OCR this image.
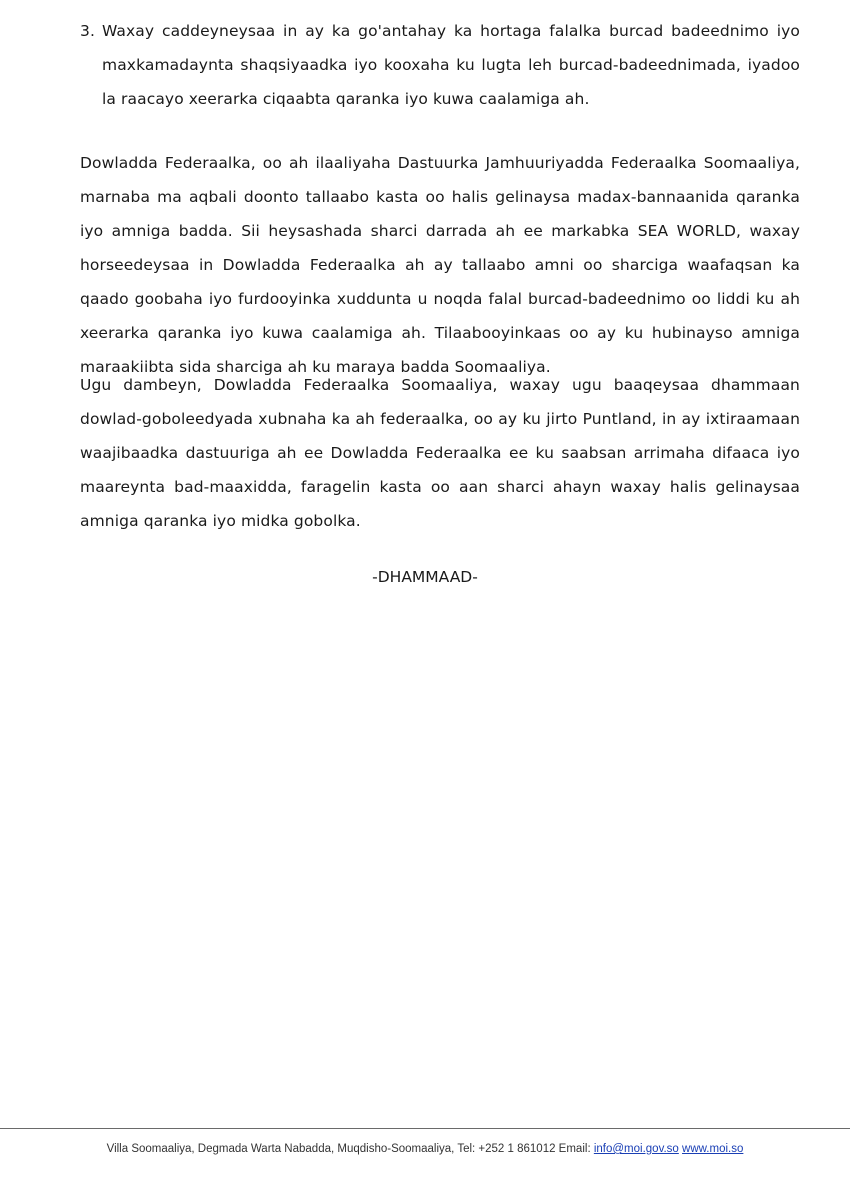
3. Waxay caddeyneysaa in ay ka go'antahay ka hortaga falalka burcad badeednimo iyo maxkamadaynta shaqsiyaadka iyo kooxaha ku lugta leh burcad-badeednimada, iyadoo la raacayo xeerarka ciqaabta qaranka iyo kuwa caalamiga ah.
Dowladda Federaalka, oo ah ilaaliyaha Dastuurka Jamhuuriyadda Federaalka Soomaaliya, marnaba ma aqbali doonto tallaabo kasta oo halis gelinaysa madax-bannaanida qaranka iyo amniga badda. Sii heysashada sharci darrada ah ee markabka SEA WORLD, waxay horseedeysaa in Dowladda Federaalka ah ay tallaabo amni oo sharciga waafaqsan ka qaado goobaha iyo furdooyinka xuddunta u noqda falal burcad-badeednimo oo liddi ku ah xeerarka qaranka iyo kuwa caalamiga ah. Tilaabooyinkaas oo ay ku hubinayso amniga maraakiibta sida sharciga ah ku maraya badda Soomaaliya.
Ugu dambeyn, Dowladda Federaalka Soomaaliya, waxay ugu baaqeysaa dhammaan dowlad-goboleedyada xubnaha ka ah federaalka, oo ay ku jirto Puntland, in ay ixtiraamaan waajibaadka dastuuriga ah ee Dowladda Federaalka ee ku saabsan arrimaha difaaca iyo maareynta bad-maaxidda, faragelin kasta oo aan sharci ahayn waxay halis gelinaysaa amniga qaranka iyo midka gobolka.
-DHAMMAAD-
Villa Soomaaliya, Degmada Warta Nabadda, Muqdisho-Soomaaliya, Tel: +252 1 861012 Email: info@moi.gov.so www.moi.so
